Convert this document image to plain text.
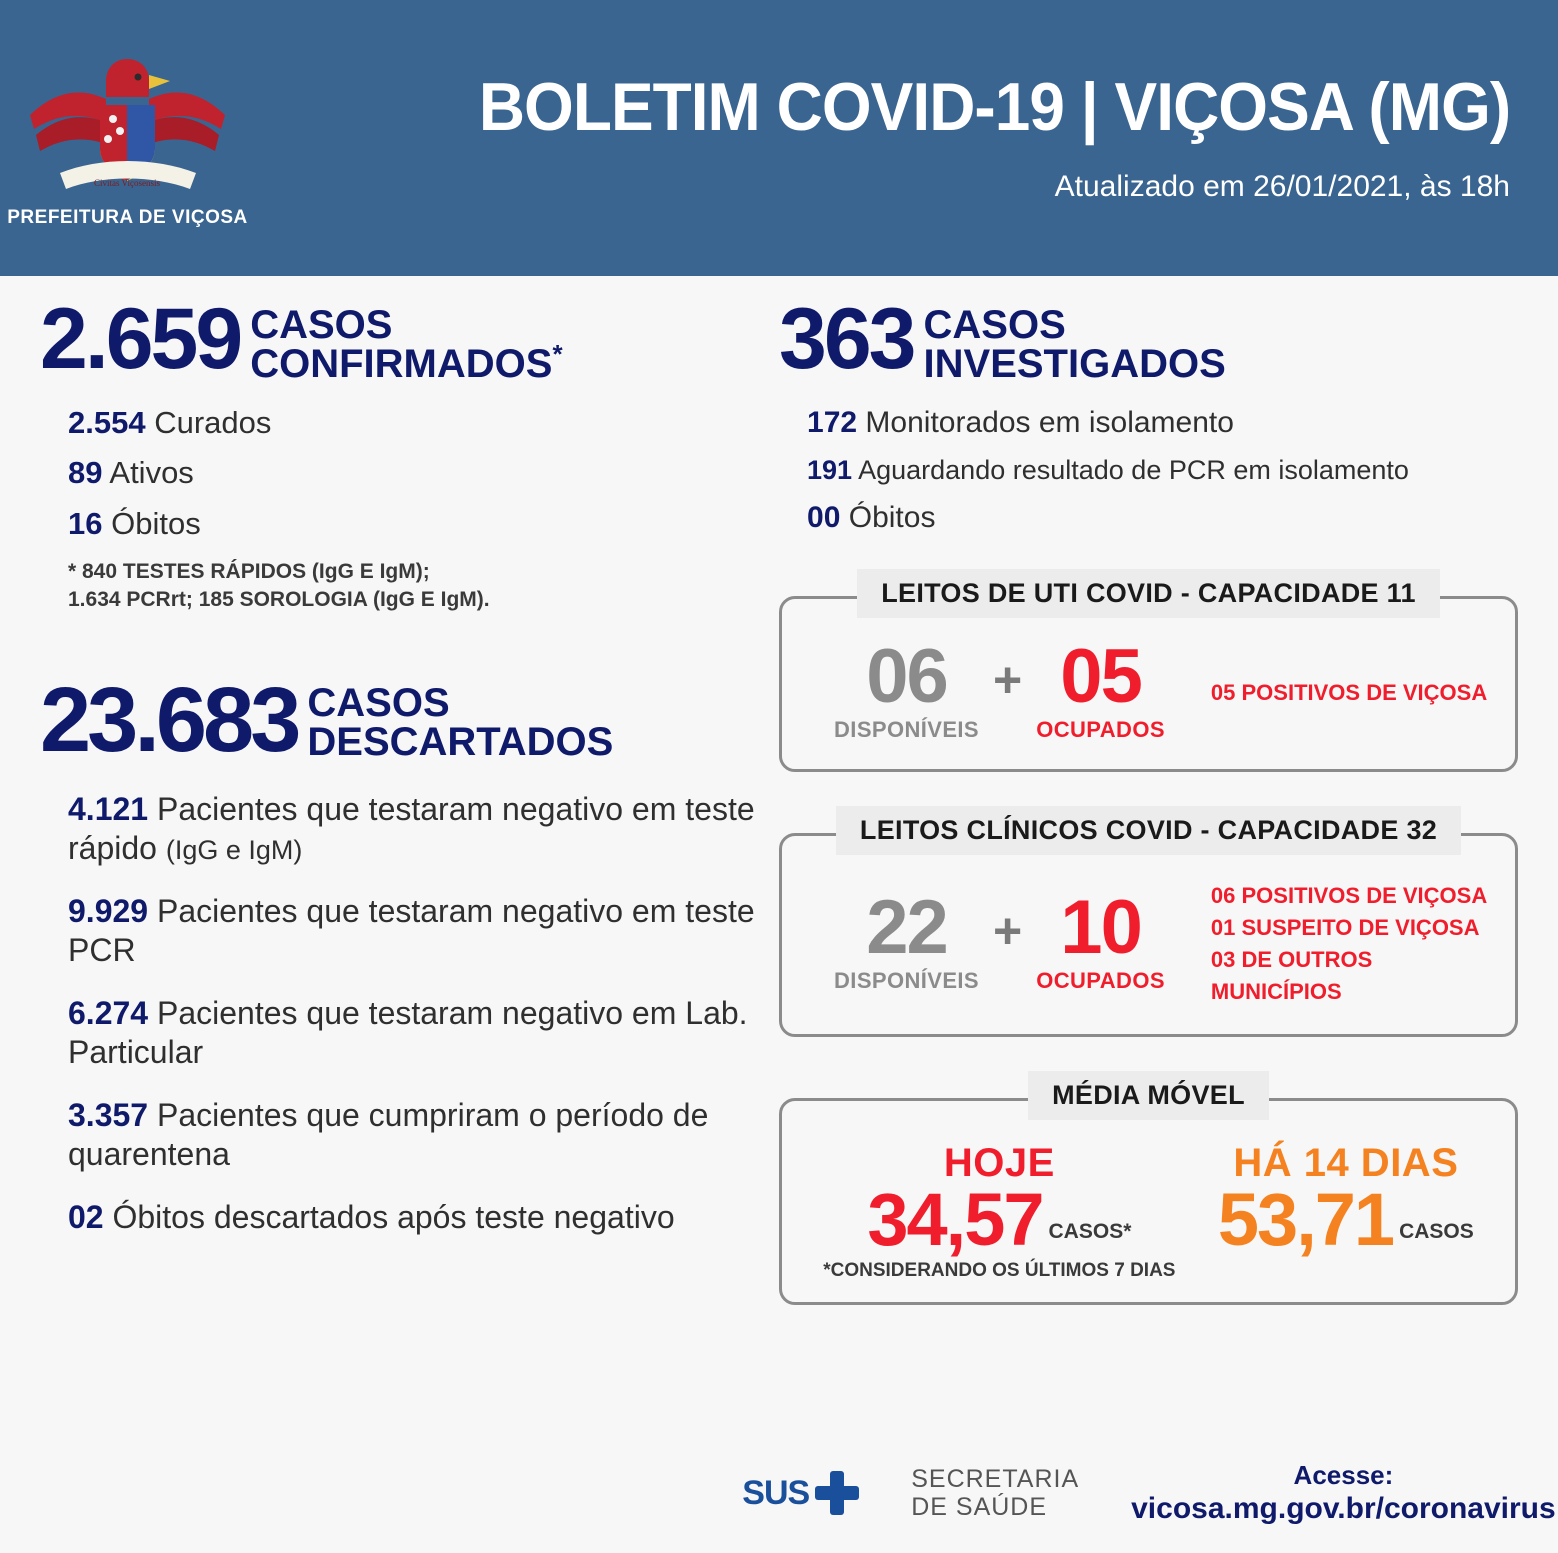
Civitas Viçosensis
PREFEITURA DE VIÇOSA
BOLETIM COVID-19 | VIÇOSA (MG)
Atualizado em 26/01/2021, às 18h
2.659 CASOS
CONFIRMADOS*
2.554 Curados
89 Ativos
16 Óbitos
* 840 TESTES RÁPIDOS (IgG E IgM);
1.634 PCRrt; 185 SOROLOGIA (IgG E IgM).
23.683 CASOS
DESCARTADOS
4.121 Pacientes que testaram negativo em teste rápido (IgG e IgM)
9.929 Pacientes que testaram negativo em teste PCR
6.274 Pacientes que testaram negativo em Lab. Particular
3.357 Pacientes que cumpriram o período de quarentena
02 Óbitos descartados após teste negativo
363 CASOS
INVESTIGADOS
172 Monitorados em isolamento
191 Aguardando resultado de PCR em isolamento
00 Óbitos
LEITOS DE UTI COVID - CAPACIDADE 11
06
DISPONÍVEIS
+ 05
OCUPADOS
05 POSITIVOS DE VIÇOSA
LEITOS CLÍNICOS COVID - CAPACIDADE 32
22
DISPONÍVEIS
+ 10
OCUPADOS
06 POSITIVOS DE VIÇOSA
01 SUSPEITO DE VIÇOSA
03 DE OUTROS MUNICÍPIOS
MÉDIA MÓVEL
HOJE
34,57 CASOS*
*CONSIDERANDO OS ÚLTIMOS 7 DIAS
HÁ 14 DIAS
53,71 CASOS
SUS	SECRETARIA
DE SAÚDE
Acesse:
vicosa.mg.gov.br/coronavirus
